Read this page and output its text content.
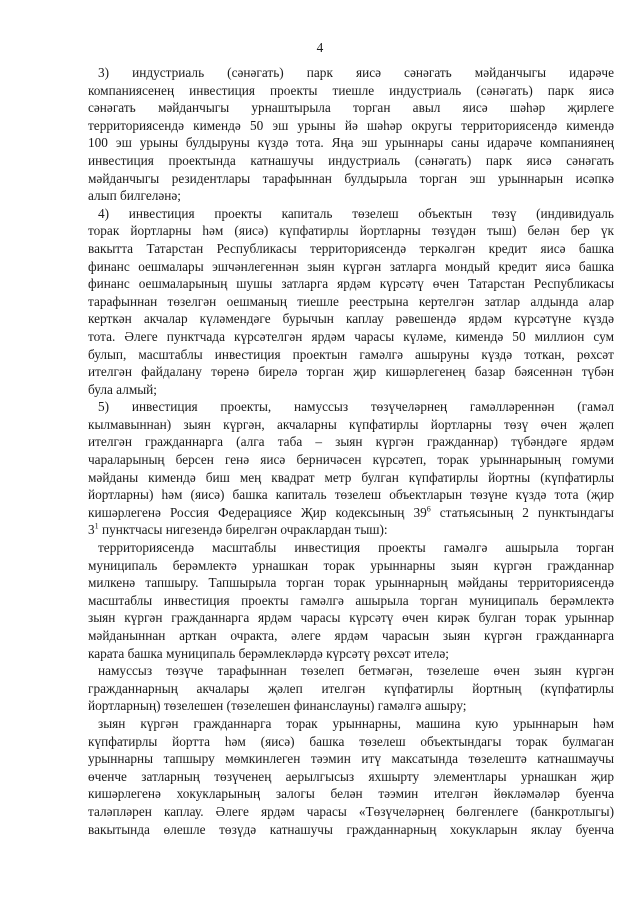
4
3) индустриаль (сәнәгать) парк яисә сәнәгать мәйданчыгы идарәче
компаниясенең инвестиция проекты тиешле индустриаль (сәнәгать) парк яисә
сәнәгать мәйданчыгы урнаштырыла торган авыл яисә шәһәр җирлеге
территориясендә кимендә 50 эш урыны йә шәһәр округы территориясендә кимендә
100 эш урыны булдыруны күздә тота. Яңа эш урыннары саны идарәче компаниянең
инвестиция проектында катнашучы индустриаль (сәнәгать) парк яисә сәнәгать
мәйданчыгы резидентлары тарафыннан булдырыла торган эш урыннарын исәпкә
алып билгеләнә;
4) инвестиция проекты капиталь төзелеш объектын төзү (индивидуаль
торак йортларны һәм (яисә) күпфатирлы йортларны төзүдән тыш) белән бер үк
вакытта Татарстан Республикасы территориясендә теркәлгән кредит яисә башка
финанс оешмалары эшчәнлегеннән зыян күргән затларга мондый кредит яисә башка
финанс оешмаларының шушы затларга ярдәм күрсәтү өчен Татарстан Республикасы
тарафыннан төзелгән оешманың тиешле реестрына кертелгән затлар алдында алар
керткән акчалар күләмендәге бурычын каплау рәвешендә ярдәм күрсәтүне күздә
тота. Әлеге пунктчада күрсәтелгән ярдәм чарасы күләме, кимендә 50 миллион сум
булып, масштаблы инвестиция проектын гамәлгә ашыруны күздә тоткан, рөхсәт
ителгән файдалану төренә бирелә торган җир кишәрлегенең базар бәясеннән түбән
була алмый;
5) инвестиция проекты, намуссыз төзүчеләрнең гамәлләреннән (гамәл
кылмавыннан) зыян күргән, акчаларны күпфатирлы йортларны төзү өчен җәлеп
ителгән гражданнарга (алга таба – зыян күргән гражданнар) түбәндәге ярдәм
чараларының берсен генә яисә берничәсен күрсәтеп, торак урыннарының гомуми
мәйданы кимендә биш мең квадрат метр булган күпфатирлы йортны (күпфатирлы
йортларны) һәм (яисә) башка капиталь төзелеш объектларын төзүне күздә тота (җир
кишәрлегенә Россия Федерациясе Җир кодексының $39^6$ статьясының 2 пунктындагы
$3^1$ пунктчасы нигезендә бирелгән очраклардан тыш):
территориясендә масштаблы инвестиция проекты гамәлгә ашырыла торган
муниципаль берәмлектә урнашкан торак урыннарны зыян күргән гражданнар
милкенә тапшыру. Тапшырыла торган торак урыннарның мәйданы территориясендә
масштаблы инвестиция проекты гамәлгә ашырыла торган муниципаль берәмлектә
зыян күргән гражданнарга ярдәм чарасы күрсәтү өчен кирәк булган торак урыннар
мәйданыннан арткан очракта, әлеге ярдәм чарасын зыян күргән гражданнарга
карата башка муниципаль берәмлекләрдә күрсәтү рөхсәт ителә;
намуссыз төзүче тарафыннан төзелеп бетмәгән, төзелеше өчен зыян күргән
гражданнарның акчалары җәлеп ителгән күпфатирлы йортның (күпфатирлы
йортларның) төзелешен (төзелешен финанслауны) гамәлгә ашыру;
зыян күргән гражданнарга торак урыннарны, машина кую урыннарын һәм
күпфатирлы йортта һәм (яисә) башка төзелеш объектындагы торак булмаган
урыннарны тапшыру мөмкинлеген тәэмин итү максатында төзелештә катнашмаучы
өченче затларның төзүченең аерылгысыз яхшырту элементлары урнашкан җир
кишәрлегенә хокукларының залогы белән тәэмин ителгән йөкләмәләр буенча
таләпләрен каплау. Әлеге ярдәм чарасы «Төзүчеләрнең бөлгенлеге (банкротлыгы)
вакытында өлешле төзүдә катнашучы гражданнарның хокукларын яклау буенча
